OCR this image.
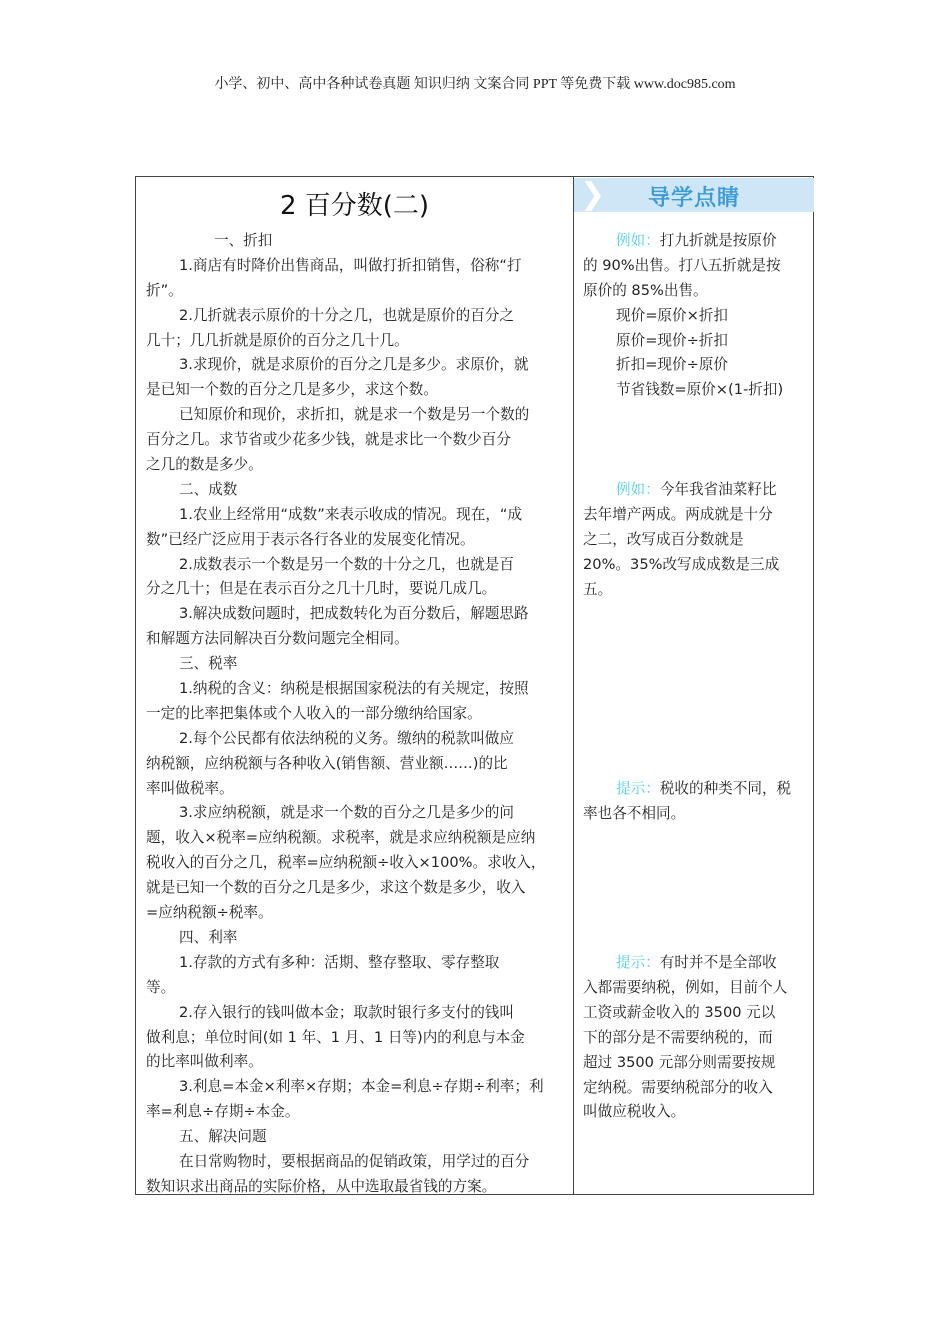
小学、初中、高中各种试卷真题 知识归纳 文案合同 PPT 等免费下载 www.doc985.com
2 百分数(二)
一、折扣
1.商店有时降价出售商品，叫做打折扣销售，俗称“打
折”。
2.几折就表示原价的十分之几，也就是原价的百分之
几十；几几折就是原价的百分之几十几。
3.求现价，就是求原价的百分之几是多少。求原价，就
是已知一个数的百分之几是多少，求这个数。
已知原价和现价，求折扣，就是求一个数是另一个数的
百分之几。求节省或少花多少钱，就是求比一个数少百分
之几的数是多少。
二、成数
1.农业上经常用“成数”来表示收成的情况。现在，“成
数”已经广泛应用于表示各行各业的发展变化情况。
2.成数表示一个数是另一个数的十分之几，也就是百
分之几十；但是在表示百分之几十几时，要说几成几。
3.解决成数问题时，把成数转化为百分数后，解题思路
和解题方法同解决百分数问题完全相同。
三、税率
1.纳税的含义：纳税是根据国家税法的有关规定，按照
一定的比率把集体或个人收入的一部分缴纳给国家。
2.每个公民都有依法纳税的义务。缴纳的税款叫做应
纳税额，应纳税额与各种收入(销售额、营业额……)的比
率叫做税率。
3.求应纳税额，就是求一个数的百分之几是多少的问
题，收入×税率=应纳税额。求税率，就是求应纳税额是应纳
税收入的百分之几，税率=应纳税额÷收入×100%。求收入，
就是已知一个数的百分之几是多少，求这个数是多少，收入
=应纳税额÷税率。
四、利率
1.存款的方式有多种：活期、整存整取、零存整取
等。
2.存入银行的钱叫做本金；取款时银行多支付的钱叫
做利息；单位时间(如 1 年、1 月、1 日等)内的利息与本金
的比率叫做利率。
3.利息=本金×利率×存期；本金=利息÷存期÷利率；利
率=利息÷存期÷本金。
五、解决问题
在日常购物时，要根据商品的促销政策，用学过的百分
数知识求出商品的实际价格，从中选取最省钱的方案。
❯	导学点睛	❮
例如：打九折就是按原价
的 90%出售。打八五折就是按
原价的 85%出售。
现价=原价×折扣
原价=现价÷折扣
折扣=现价÷原价
节省钱数=原价×(1-折扣)
例如：今年我省油菜籽比
去年增产两成。两成就是十分
之二，改写成百分数就是
20%。35%改写成成数是三成
五。
提示：税收的种类不同，税
率也各不相同。
提示：有时并不是全部收
入都需要纳税，例如，目前个人
工资或薪金收入的 3500 元以
下的部分是不需要纳税的，而
超过 3500 元部分则需要按规
定纳税。需要纳税部分的收入
叫做应税收入。
